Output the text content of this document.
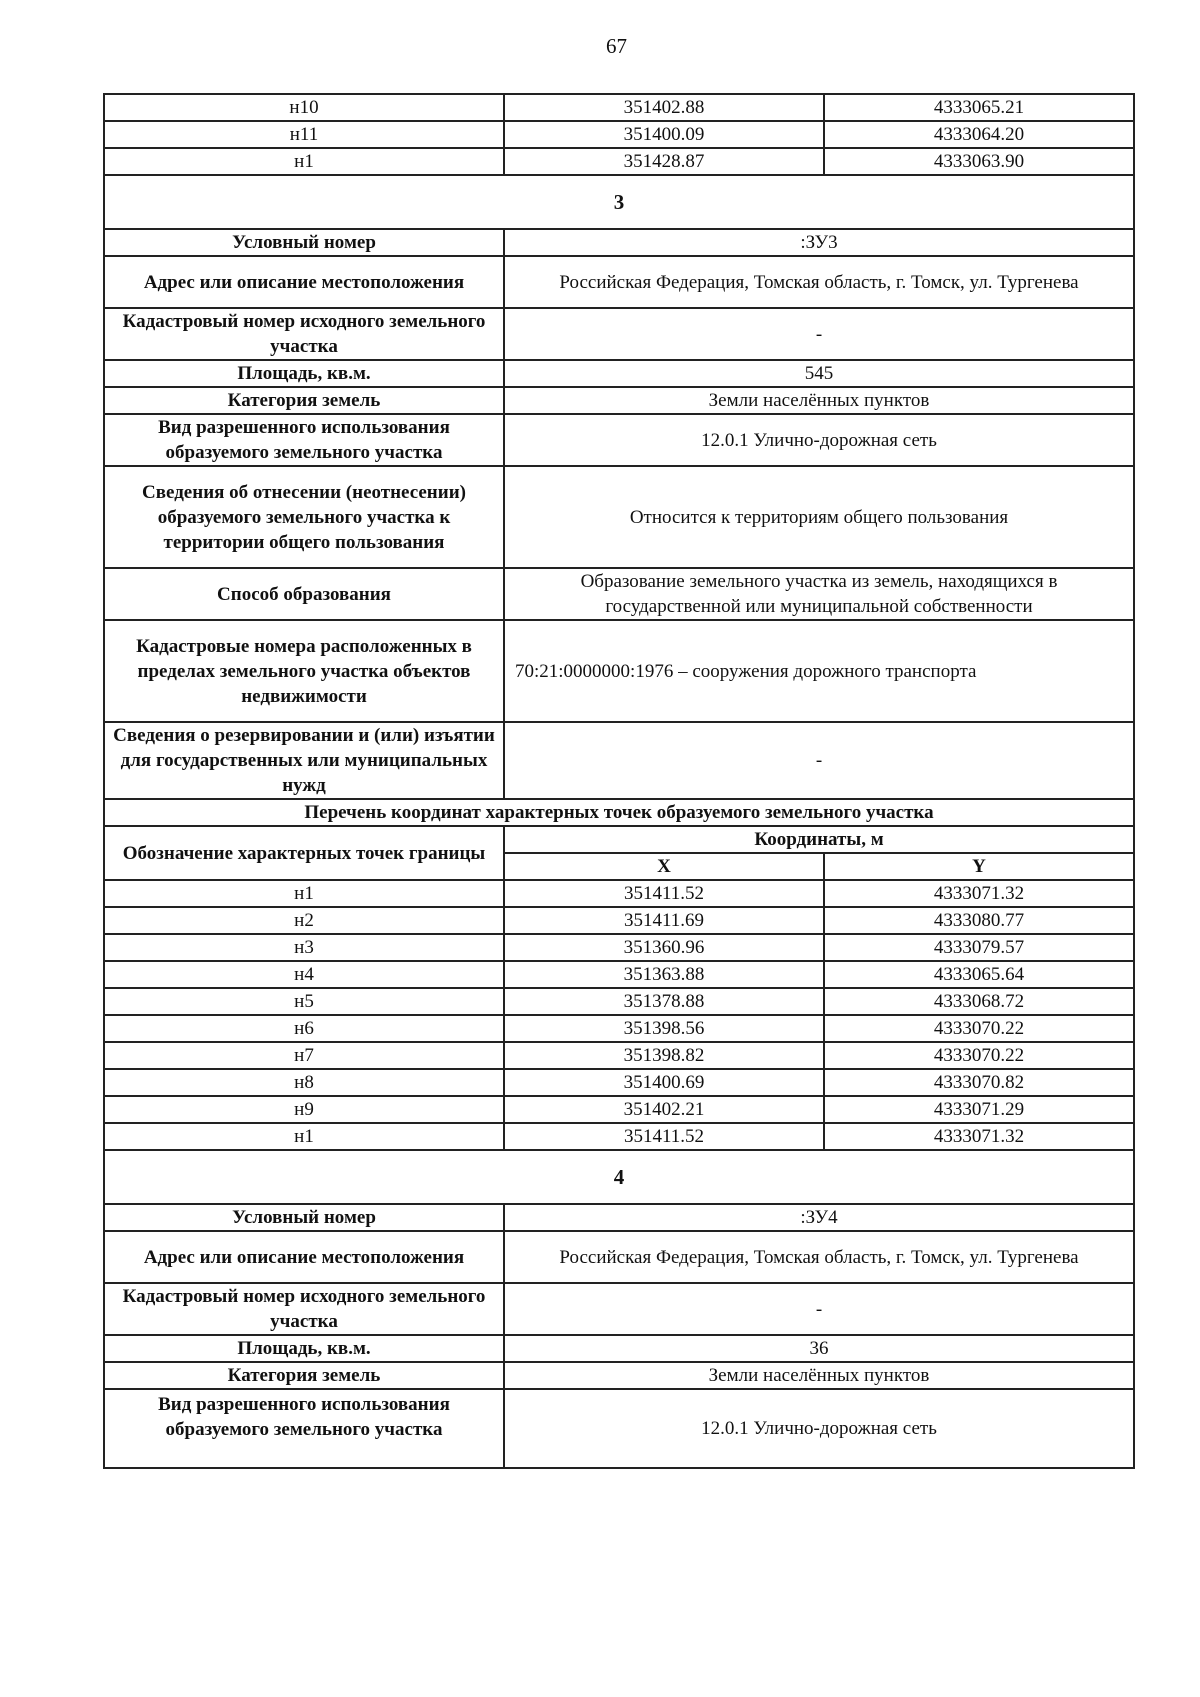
67
н10	351402.88	4333065.21
н11	351400.09	4333064.20
н1	351428.87	4333063.90
3		
Условный номер	:ЗУ3	
Адрес или описание местоположения	Российская Федерация, Томская область, г. Томск, ул. Тургенева	
Кадастровый номер исходного земельного участка	-	
Площадь, кв.м.	545	
Категория земель	Земли населённых пунктов	
Вид разрешенного использования образуемого земельного участка	12.0.1 Улично-дорожная сеть	
Сведения об отнесении (неотнесении) образуемого земельного участка к территории общего пользования	Относится к территориям общего пользования	
Способ образования	Образование земельного участка из земель, находящихся в государственной или муниципальной собственности	
Кадастровые номера расположенных в пределах земельного участка объектов недвижимости	70:21:0000000:1976 – сооружения дорожного транспорта	
Сведения о резервировании и (или) изъятии для государственных или муниципальных нужд	-	
Перечень координат характерных точек образуемого земельного участка		
Обозначение характерных точек границы	Координаты, м	
	X	Y
н1	351411.52	4333071.32
н2	351411.69	4333080.77
н3	351360.96	4333079.57
н4	351363.88	4333065.64
н5	351378.88	4333068.72
н6	351398.56	4333070.22
н7	351398.82	4333070.22
н8	351400.69	4333070.82
н9	351402.21	4333071.29
н1	351411.52	4333071.32
4		
Условный номер	:ЗУ4	
Адрес или описание местоположения	Российская Федерация, Томская область, г. Томск, ул. Тургенева	
Кадастровый номер исходного земельного участка	-	
Площадь, кв.м.	36	
Категория земель	Земли населённых пунктов	
Вид разрешенного использования образуемого земельного участка	12.0.1 Улично-дорожная сеть	
